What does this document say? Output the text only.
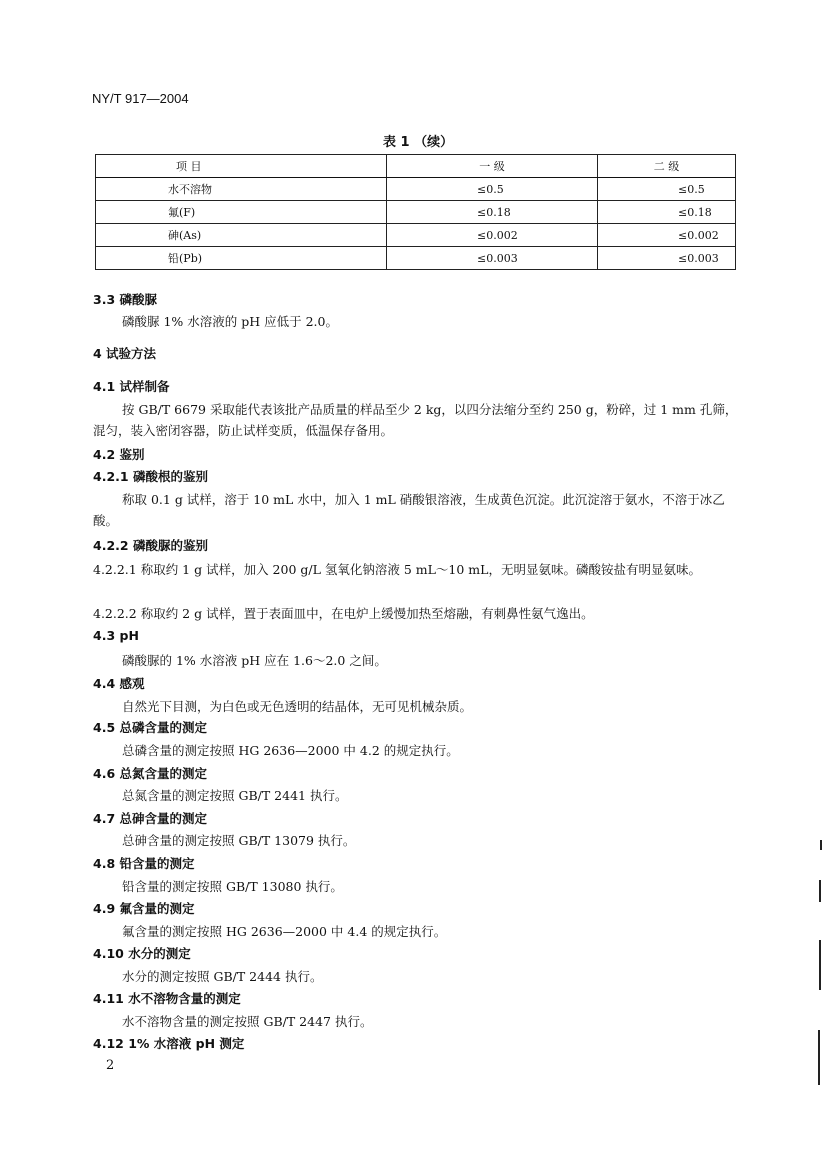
NY/T 917—2004
表 1 （续）
项 目	一 级	二 级
水不溶物	≤0.5	≤0.5
氟(F)	≤0.18	≤0.18
砷(As)	≤0.002	≤0.002
铅(Pb)	≤0.003	≤0.003
3.3 磷酸脲
磷酸脲 1% 水溶液的 pH 应低于 2.0。
4 试验方法
4.1 试样制备
按 GB/T 6679 采取能代表该批产品质量的样品至少 2 kg，以四分法缩分至约 250 g，粉碎，过 1 mm 孔筛，混匀，装入密闭容器，防止试样变质，低温保存备用。
4.2 鉴别
4.2.1 磷酸根的鉴别
称取 0.1 g 试样，溶于 10 mL 水中，加入 1 mL 硝酸银溶液，生成黄色沉淀。此沉淀溶于氨水，不溶于冰乙酸。
4.2.2 磷酸脲的鉴别
4.2.2.1 称取约 1 g 试样，加入 200 g/L 氢氧化钠溶液 5 mL～10 mL，无明显氨味。磷酸铵盐有明显氨味。
4.2.2.2 称取约 2 g 试样，置于表面皿中，在电炉上缓慢加热至熔融，有刺鼻性氨气逸出。
4.3 pH
磷酸脲的 1% 水溶液 pH 应在 1.6～2.0 之间。
4.4 感观
自然光下目测，为白色或无色透明的结晶体，无可见机械杂质。
4.5 总磷含量的测定
总磷含量的测定按照 HG 2636—2000 中 4.2 的规定执行。
4.6 总氮含量的测定
总氮含量的测定按照 GB/T 2441 执行。
4.7 总砷含量的测定
总砷含量的测定按照 GB/T 13079 执行。
4.8 铅含量的测定
铅含量的测定按照 GB/T 13080 执行。
4.9 氟含量的测定
氟含量的测定按照 HG 2636—2000 中 4.4 的规定执行。
4.10 水分的测定
水分的测定按照 GB/T 2444 执行。
4.11 水不溶物含量的测定
水不溶物含量的测定按照 GB/T 2447 执行。
4.12 1% 水溶液 pH 测定
2
